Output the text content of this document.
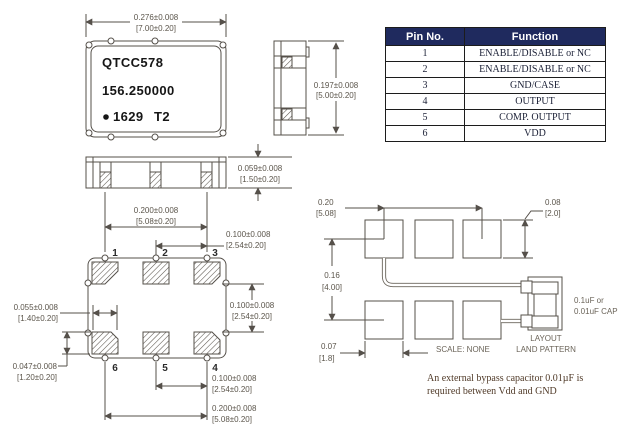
QTCC578
156.250000
1629 T2
0.276±0.008
[7.00±0.20]
0.197±0.008
[5.00±0.20]
0.059±0.008
[1.50±0.20]
0.200±0.008
[5.08±0.20]
0.100±0.008
[2.54±0.20]
1	2	3
6	5	4
0.100±0.008
[2.54±0.20]
0.055±0.008
[1.40±0.20]
0.047±0.008
[1.20±0.20]	0.100±0.008
[2.54±0.20]
0.200±0.008
[5.08±0.20]
0.20
[5.08]
0.08
[2.0]
0.16
[4.00]
0.07
[1.8]
SCALE: NONE
LAYOUT
LAND PATTERN
0.1uF or
0.01uF CAP
Pin No.	Function
1	ENABLE/DISABLE or NC
2	ENABLE/DISABLE or NC
3	GND/CASE
4	OUTPUT
5	COMP. OUTPUT
6	VDD
An external bypass capacitor 0.01µF is
required between Vdd and GND
